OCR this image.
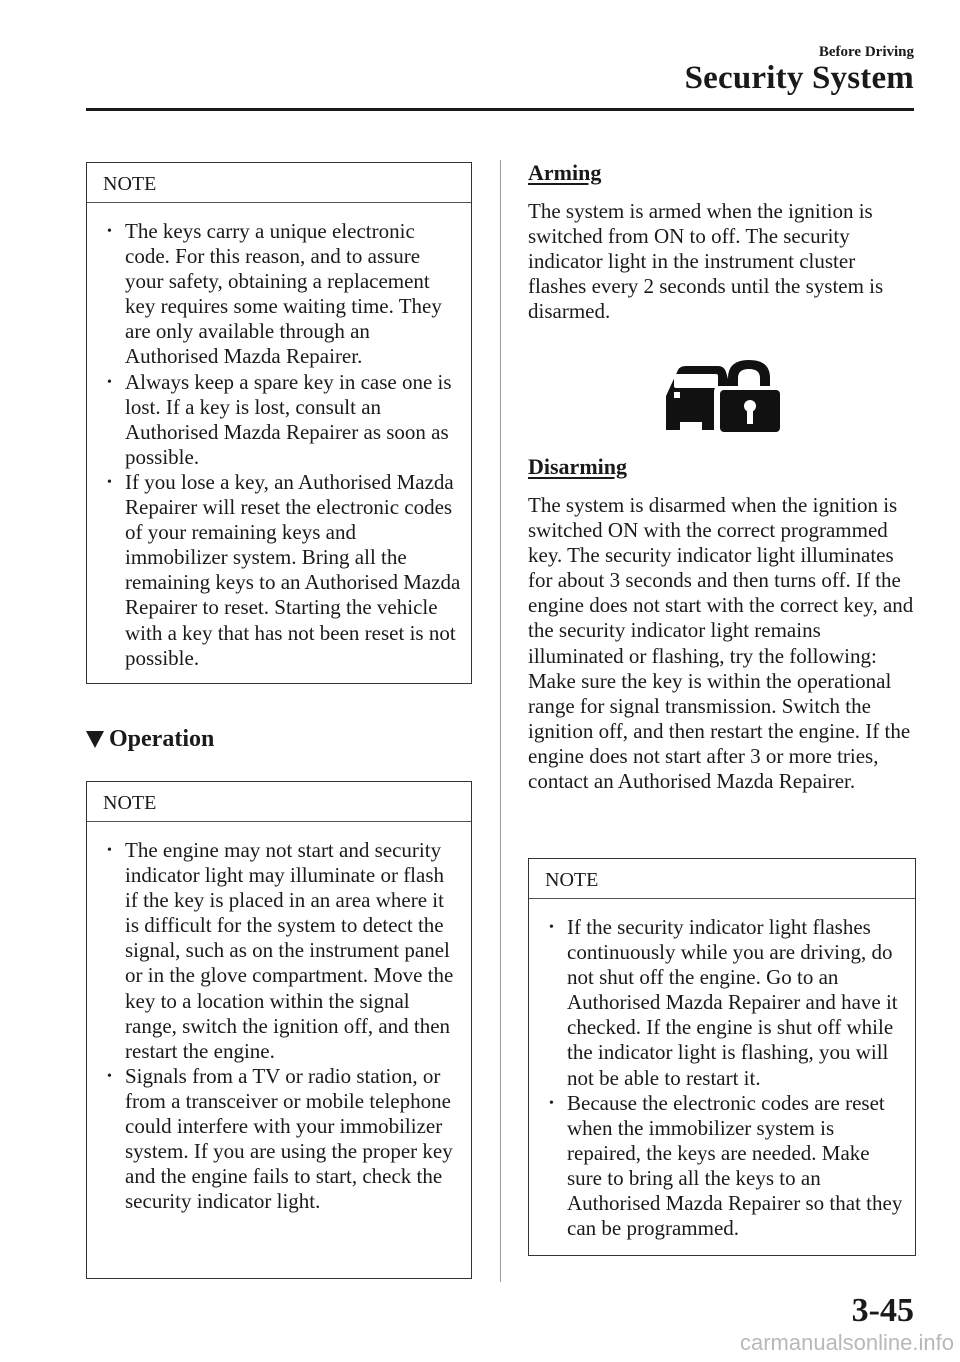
Before Driving
Security System
NOTE
• The keys carry a unique electronic code. For this reason, and to assure your safety, obtaining a replacement key requires some waiting time. They are only available through an Authorised Mazda Repairer.
• Always keep a spare key in case one is lost. If a key is lost, consult an Authorised Mazda Repairer as soon as possible.
• If you lose a key, an Authorised Mazda Repairer will reset the electronic codes of your remaining keys and immobilizer system. Bring all the remaining keys to an Authorised Mazda Repairer to reset. Starting the vehicle with a key that has not been reset is not possible.
Operation
NOTE
• The engine may not start and security indicator light may illuminate or flash if the key is placed in an area where it is difficult for the system to detect the signal, such as on the instrument panel or in the glove compartment. Move the key to a location within the signal range, switch the ignition off, and then restart the engine.
• Signals from a TV or radio station, or from a transceiver or mobile telephone could interfere with your immobilizer system. If you are using the proper key and the engine fails to start, check the security indicator light.
Arming

The system is armed when the ignition is switched from ON to off. The security indicator light in the instrument cluster flashes every 2 seconds until the system is disarmed.

Disarming

The system is disarmed when the ignition is switched ON with the correct programmed key. The security indicator light illuminates for about 3 seconds and then turns off. If the engine does not start with the correct key, and the security indicator light remains illuminated or flashing, try the following: Make sure the key is within the operational range for signal transmission. Switch the ignition off, and then restart the engine. If the engine does not start after 3 or more tries, contact an Authorised Mazda Repairer.

NOTE
• If the security indicator light flashes continuously while you are driving, do not shut off the engine. Go to an Authorised Mazda Repairer and have it checked. If the engine is shut off while the indicator light is flashing, you will not be able to restart it.
• Because the electronic codes are reset when the immobilizer system is repaired, the keys are needed. Make sure to bring all the keys to an Authorised Mazda Repairer so that they can be programmed.
3-45
carmanualsonline.info
